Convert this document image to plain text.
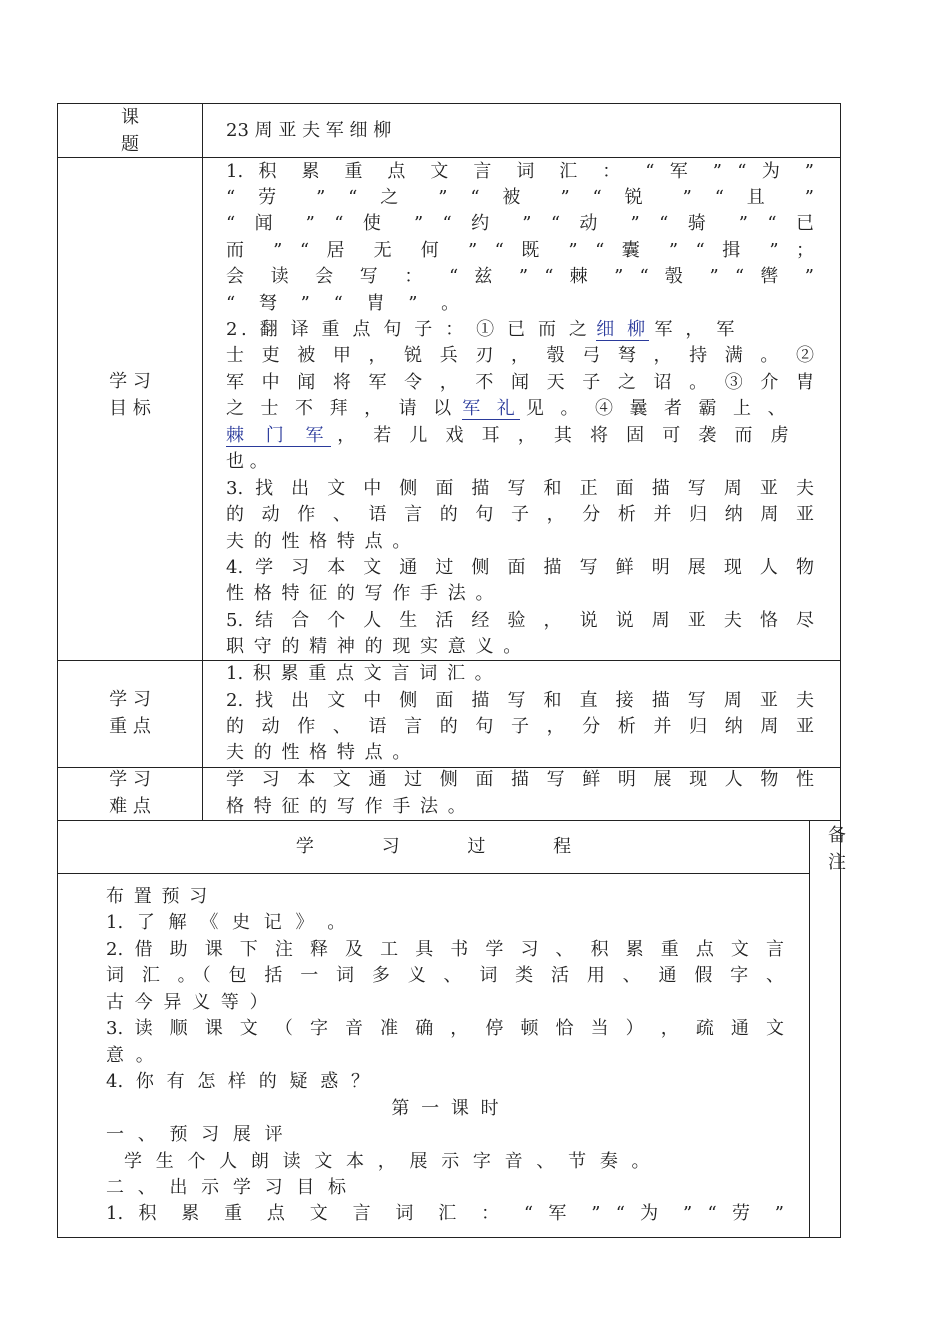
课
题
23 周 亚 夫 军 细 柳
学 习
目 标
1. 积 累 重 点 文 言 词 汇 ： “ 军 ” “ 为 ”
“ 劳 ” “ 之 ” “ 被 ” “ 锐 ” “ 且 ”
“ 闻 ” “ 使 ” “ 约 ” “ 动 ” “ 骑 ” “ 已
而 ” “ 居 无 何 ” “ 既 ” “ 囊 ” “ 揖 ” ；
会 读 会 写 ： “ 兹 ” “ 棘 ” “ 彀 ” “ 辔 ”
“ 弩 ” “ 胄 ” 。
2. 翻 译 重 点 句 子 ： ① 已 而 之 细 柳 军 ， 军
士 吏 被 甲 ， 锐 兵 刃 ， 彀 弓 弩 ， 持 满 。 ②
军 中 闻 将 军 令 ， 不 闻 天 子 之 诏 。 ③ 介 胄
之 士 不 拜 ， 请 以 军 礼 见 。 ④ 曩 者 霸 上 、
棘 门 军 ， 若 儿 戏 耳 ， 其 将 固 可 袭 而 虏
也 。
3. 找 出 文 中 侧 面 描 写 和 正 面 描 写 周 亚 夫
的 动 作 、 语 言 的 句 子 ， 分 析 并 归 纳 周 亚
夫 的 性 格 特 点 。
4. 学 习 本 文 通 过 侧 面 描 写 鲜 明 展 现 人 物
性 格 特 征 的 写 作 手 法 。
5. 结 合 个 人 生 活 经 验 ， 说 说 周 亚 夫 恪 尽
职 守 的 精 神 的 现 实 意 义 。
学 习
重 点
1. 积 累 重 点 文 言 词 汇 。
2. 找 出 文 中 侧 面 描 写 和 直 接 描 写 周 亚 夫
的 动 作 、 语 言 的 句 子 ， 分 析 并 归 纳 周 亚
夫 的 性 格 特 点 。
学 习
难 点
学 习 本 文 通 过 侧 面 描 写 鲜 明 展 现 人 物 性
格 特 征 的 写 作 手 法 。
学 习 过 程
备
注
布 置 预 习
1. 了 解 《 史 记 》 。
2. 借 助 课 下 注 释 及 工 具 书 学 习 、 积 累 重 点 文 言
词 汇 。（ 包 括 一 词 多 义 、 词 类 活 用 、 通 假 字 、
古 今 异 义 等 ）
3. 读 顺 课 文 （ 字 音 准 确 ， 停 顿 恰 当 ） ， 疏 通 文
意 。
4. 你 有 怎 样 的 疑 惑 ？
第 一 课 时
一 、 预 习 展 评
学 生 个 人 朗 读 文 本 ， 展 示 字 音 、 节 奏 。
二 、 出 示 学 习 目 标
1. 积 累 重 点 文 言 词 汇 ： “ 军 ” “ 为 ” “ 劳 ”
